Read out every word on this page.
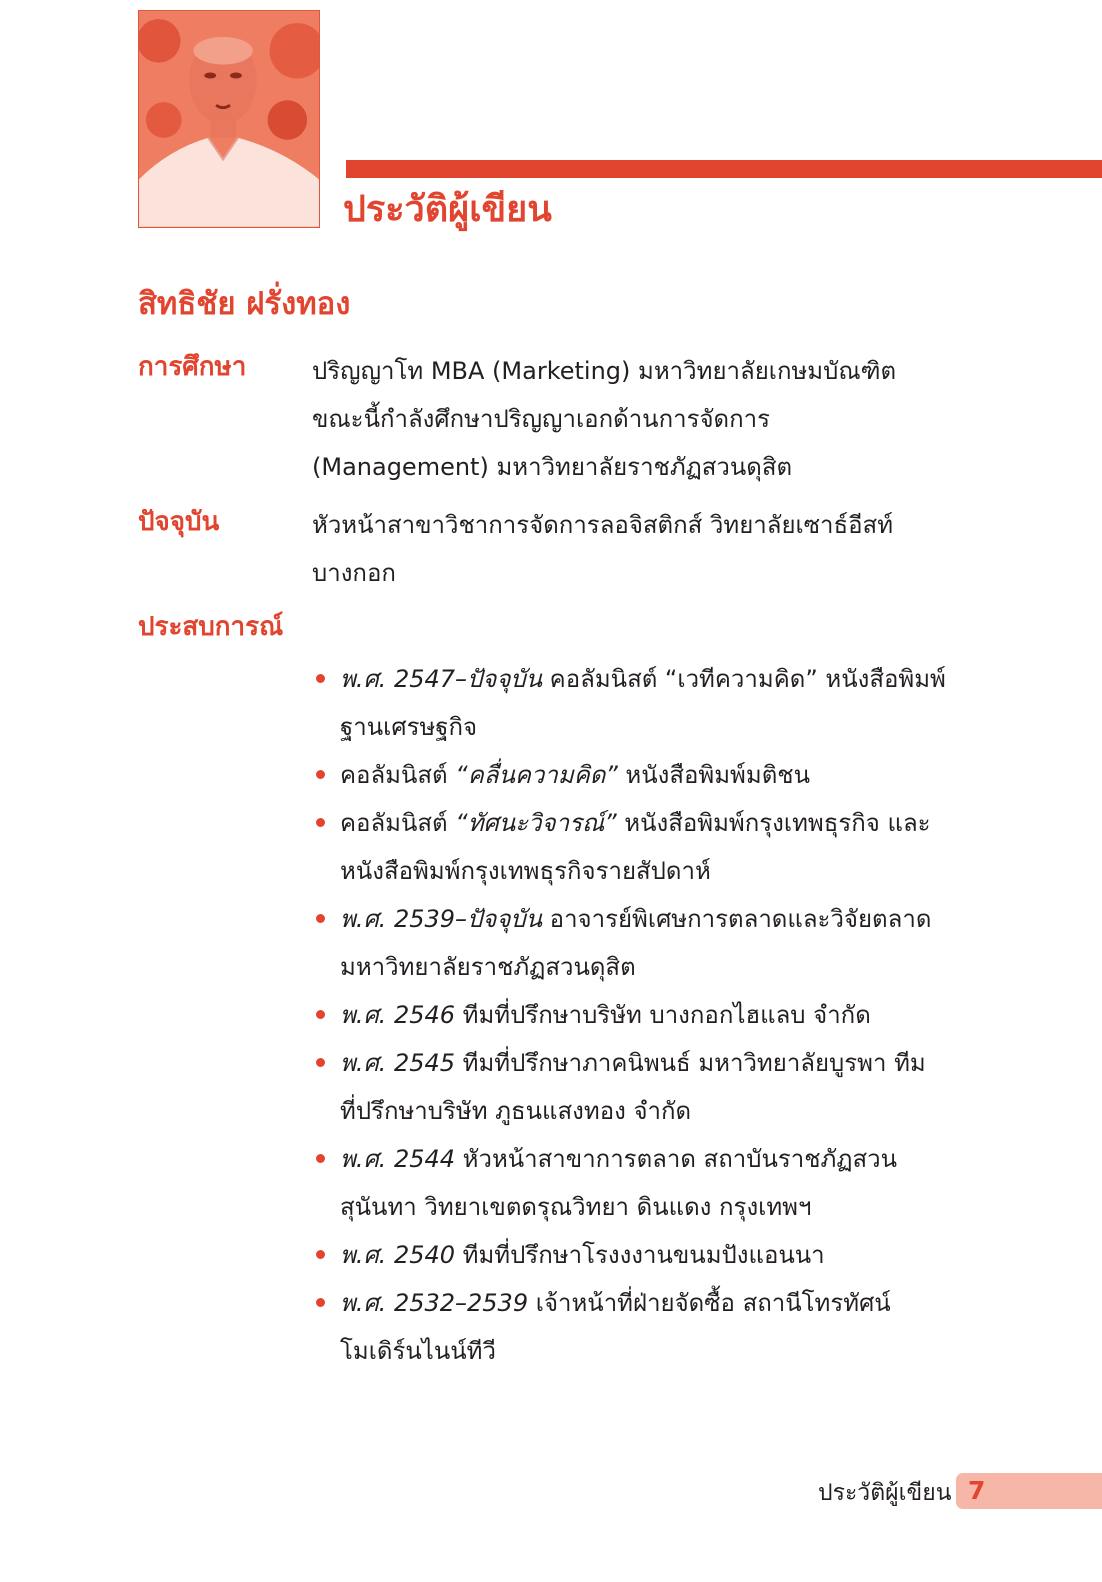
ประวัติผู้เขียน
สิทธิชัย ฝรั่งทอง
การศึกษา	ปริญญาโท MBA (Marketing) มหาวิทยาลัยเกษมบัณฑิต

ขณะนี้กำลังศึกษาปริญญาเอกด้านการจัดการ

(Management) มหาวิทยาลัยราชภัฏสวนดุสิต

ปัจจุบัน	หัวหน้าสาขาวิชาการจัดการลอจิสติกส์ วิทยาลัยเซาธ์อีสท์

บางกอก

ประสบการณ์
พ.ศ. 2547–ปัจจุบัน คอลัมนิสต์ “เวทีความคิด” หนังสือพิมพ์
ฐานเศรษฐกิจ
คอลัมนิสต์ “คลื่นความคิด” หนังสือพิมพ์มติชน
คอลัมนิสต์ “ทัศนะวิจารณ์” หนังสือพิมพ์กรุงเทพธุรกิจ และ
หนังสือพิมพ์กรุงเทพธุรกิจรายสัปดาห์
พ.ศ. 2539–ปัจจุบัน อาจารย์พิเศษการตลาดและวิจัยตลาด
มหาวิทยาลัยราชภัฏสวนดุสิต
พ.ศ. 2546 ทีมที่ปรึกษาบริษัท บางกอกไฮแลบ จำกัด
พ.ศ. 2545 ทีมที่ปรึกษาภาคนิพนธ์ มหาวิทยาลัยบูรพา ทีม
ที่ปรึกษาบริษัท ภูธนแสงทอง จำกัด
พ.ศ. 2544 หัวหน้าสาขาการตลาด สถาบันราชภัฏสวน
สุนันทา วิทยาเขตดรุณวิทยา ดินแดง กรุงเทพฯ
พ.ศ. 2540 ทีมที่ปรึกษาโรงงงานขนมปังแอนนา
พ.ศ. 2532–2539 เจ้าหน้าที่ฝ่ายจัดซื้อ สถานีโทรทัศน์
โมเดิร์นไนน์ทีวี
ประวัติผู้เขียน 7
